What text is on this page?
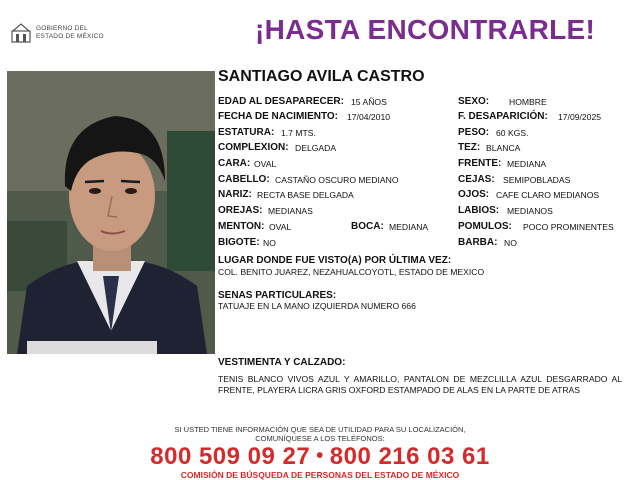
GOBIERNO DEL
ESTADO DE MÉXICO	¡HASTA ENCONTRARLE!
SANTIAGO AVILA CASTRO
EDAD AL DESAPARECER: 15 AÑOS	SEXO: HOMBRE
FECHA DE NACIMIENTO: 17/04/2010	F. DESAPARICIÓN: 17/09/2025
ESTATURA: 1.7 MTS.	PESO: 60 KGS.
COMPLEXION: DELGADA	TEZ: BLANCA
CARA: OVAL	FRENTE: MEDIANA
CABELLO: CASTAÑO OSCURO MEDIANO	CEJAS: SEMIPOBLADAS
NARIZ: RECTA BASE DELGADA	OJOS: CAFE CLARO MEDIANOS
OREJAS: MEDIANAS	LABIOS: MEDIANOS
MENTON: OVAL	BOCA: MEDIANA	POMULOS: POCO PROMINENTES
BIGOTE: NO	BARBA: NO
LUGAR DONDE FUE VISTO(A) POR ÚLTIMA VEZ:
COL. BENITO JUAREZ, NEZAHUALCOYOTL, ESTADO DE MEXICO
SENAS PARTICULARES:
TATUAJE EN LA MANO IZQUIERDA NUMERO 666
VESTIMENTA Y CALZADO:
TENIS BLANCO VIVOS AZUL Y AMARILLO, PANTALON DE MEZCLILLA AZUL DESGARRADO AL FRENTE, PLAYERA LICRA GRIS OXFORD ESTAMPADO DE ALAS EN LA PARTE DE ATRAS
SI USTED TIENE INFORMACIÓN QUE SEA DE UTILIDAD PARA SU LOCALIZACIÓN,
COMUNÍQUESE A LOS TELÉFONOS:
800 509 09 27 • 800 216 03 61
COMISIÓN DE BÚSQUEDA DE PERSONAS DEL ESTADO DE MÉXICO
